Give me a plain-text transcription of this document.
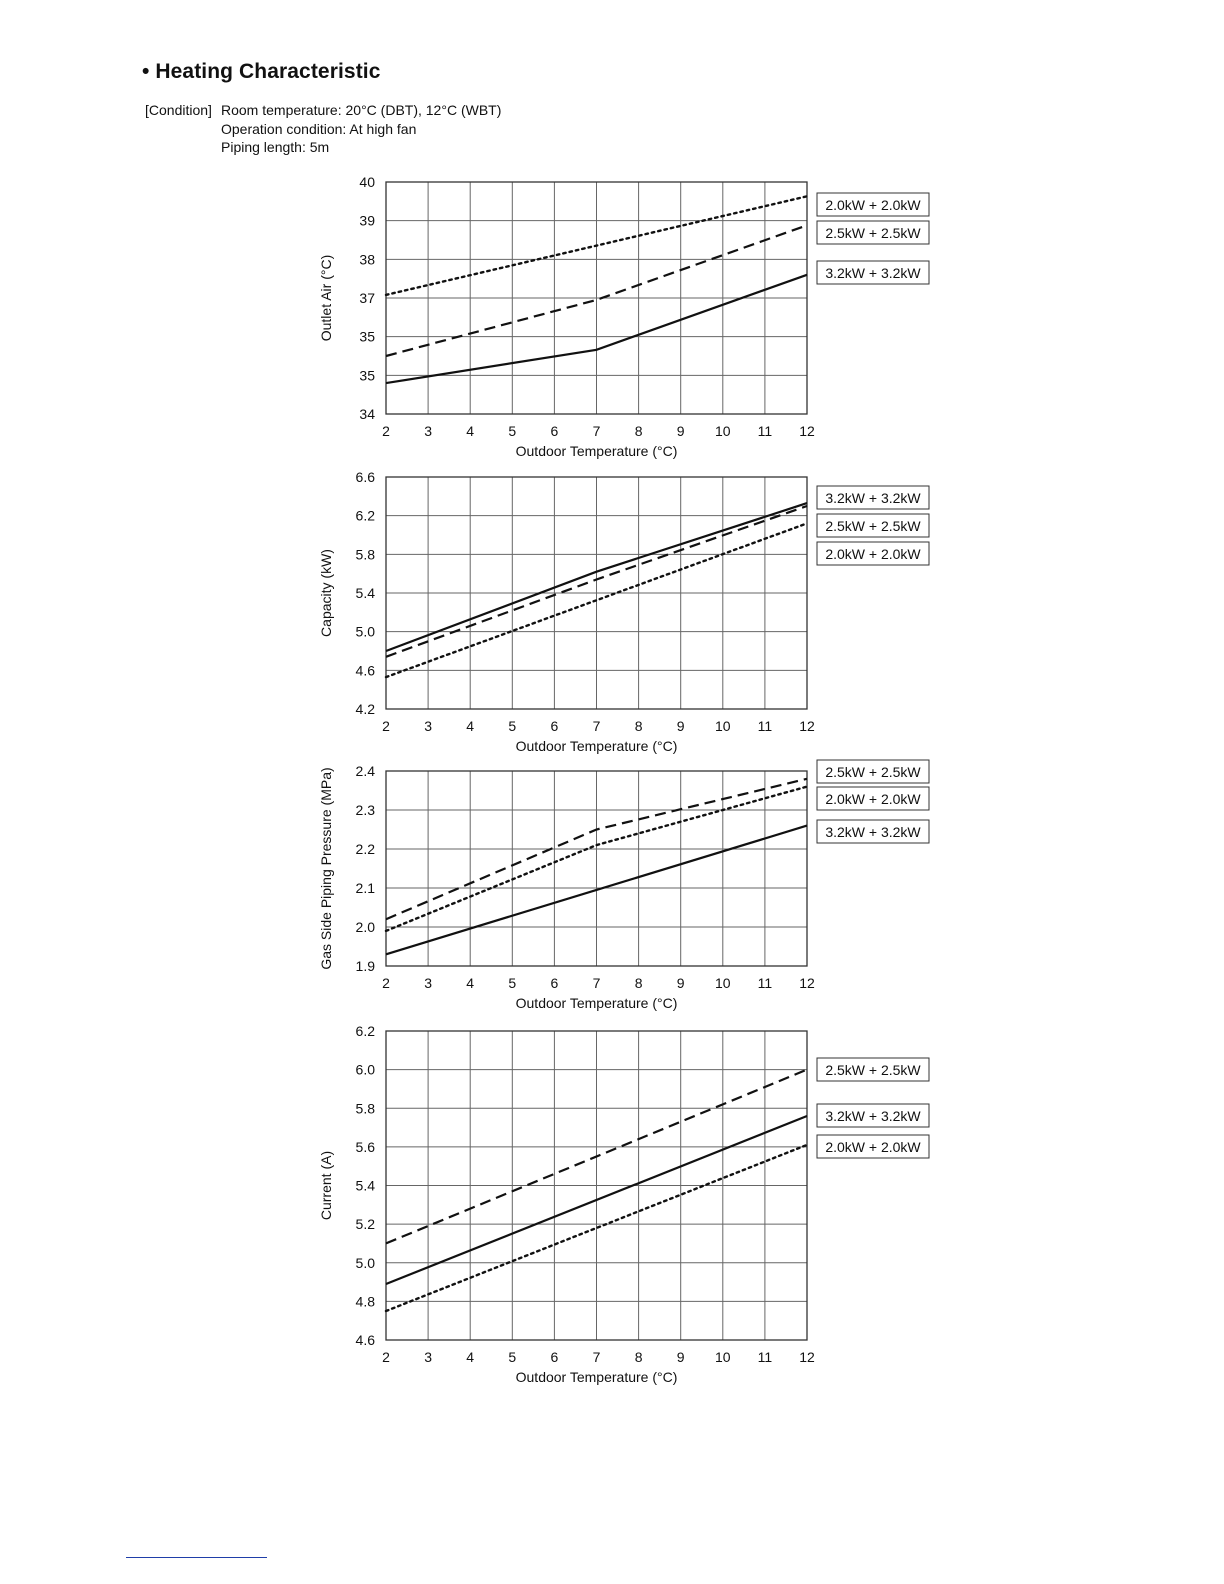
• Heating Characteristic
[Condition] Room temperature: 20°C (DBT), 12°C (WBT)
Operation condition: At high fan
Piping length: 5m
2 3 4 5 6 7 8 9 10 11 12
34
35
35
37
38
39
40
Outdoor Temperature (°C)
Outlet Air (°C)
2.0kW + 2.0kW
2.5kW + 2.5kW
3.2kW + 3.2kW
2 3 4 5 6 7 8 9 10 11 12
4.2
4.6
5.0
5.4
5.8
6.2
6.6
Outdoor Temperature (°C)
Capacity (kW)
3.2kW + 3.2kW
2.5kW + 2.5kW
2.0kW + 2.0kW
2 3 4 5 6 7 8 9 10 11 12
1.9
2.0
2.1
2.2
2.3
2.4
Outdoor Temperature (°C)
Gas Side Piping Pressure (MPa)	2.5kW + 2.5kW
2.0kW + 2.0kW
3.2kW + 3.2kW
2 3 4 5 6 7 8 9 10 11 12
4.6
4.8
5.0
5.2
5.4
5.6
5.8
6.0
6.2
Outdoor Temperature (°C)
Current (A)
2.5kW + 2.5kW
3.2kW + 3.2kW
2.0kW + 2.0kW
